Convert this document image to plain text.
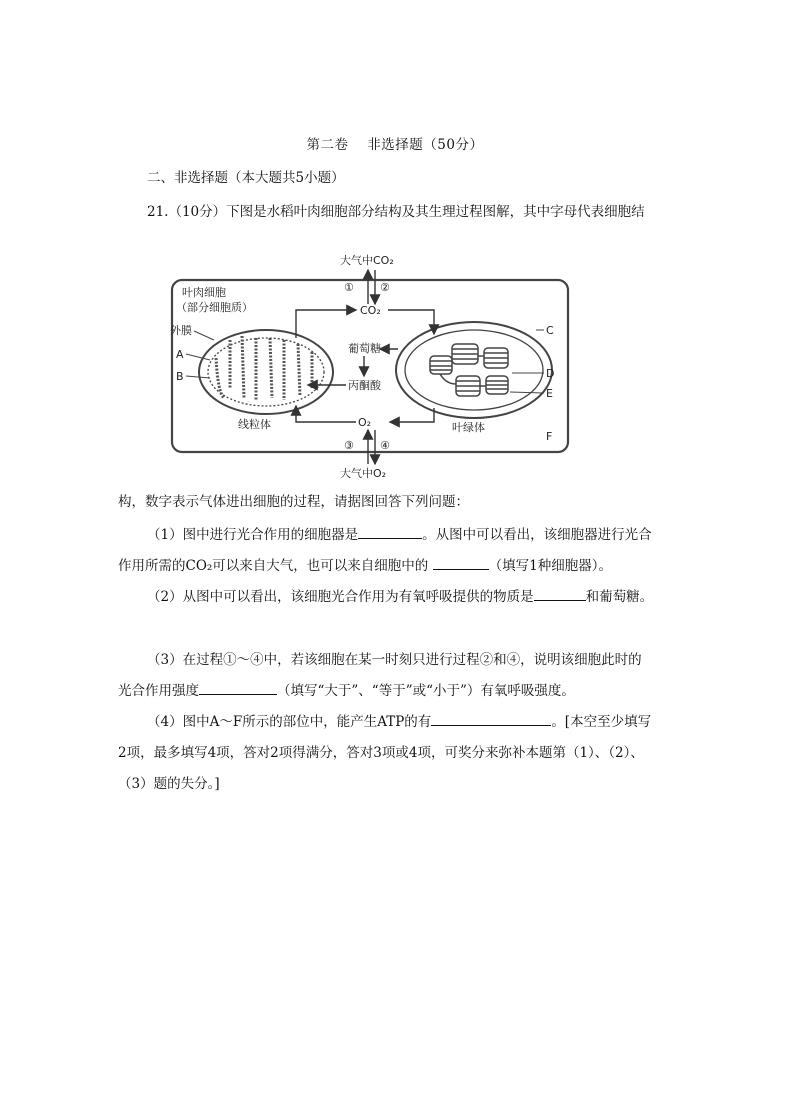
第二卷　 非选择题（50分）
二、非选择题（本大题共5小题）
21.（10分）下图是水稻叶肉细胞部分结构及其生理过程图解，其中字母代表细胞结
大气中CO₂
大气中O₂
① ②
③ ④
CO₂
O₂
葡萄糖
丙酮酸
叶肉细胞
（部分细胞质）
外膜
A
B
C
D
E
F
线粒体	叶绿体
构，数字表示气体进出细胞的过程，请据图回答下列问题：
（1）图中进行光合作用的细胞器是	。从图中可以看出，该细胞器进行光合
作用所需的CO₂可以来自大气，也可以来自细胞中的	（填写1种细胞器）。
（2）从图中可以看出，该细胞光合作用为有氧呼吸提供的物质是	和葡萄糖。
（3）在过程①～④中，若该细胞在某一时刻只进行过程②和④，说明该细胞此时的
光合作用强度	（填写“大于”、“等于”或“小于”）有氧呼吸强度。
（4）图中A～F所示的部位中，能产生ATP的有	。[本空至少填写
2项，最多填写4项，答对2项得满分，答对3项或4项，可奖分来弥补本题第（1）、（2）、
（3）题的失分。]
